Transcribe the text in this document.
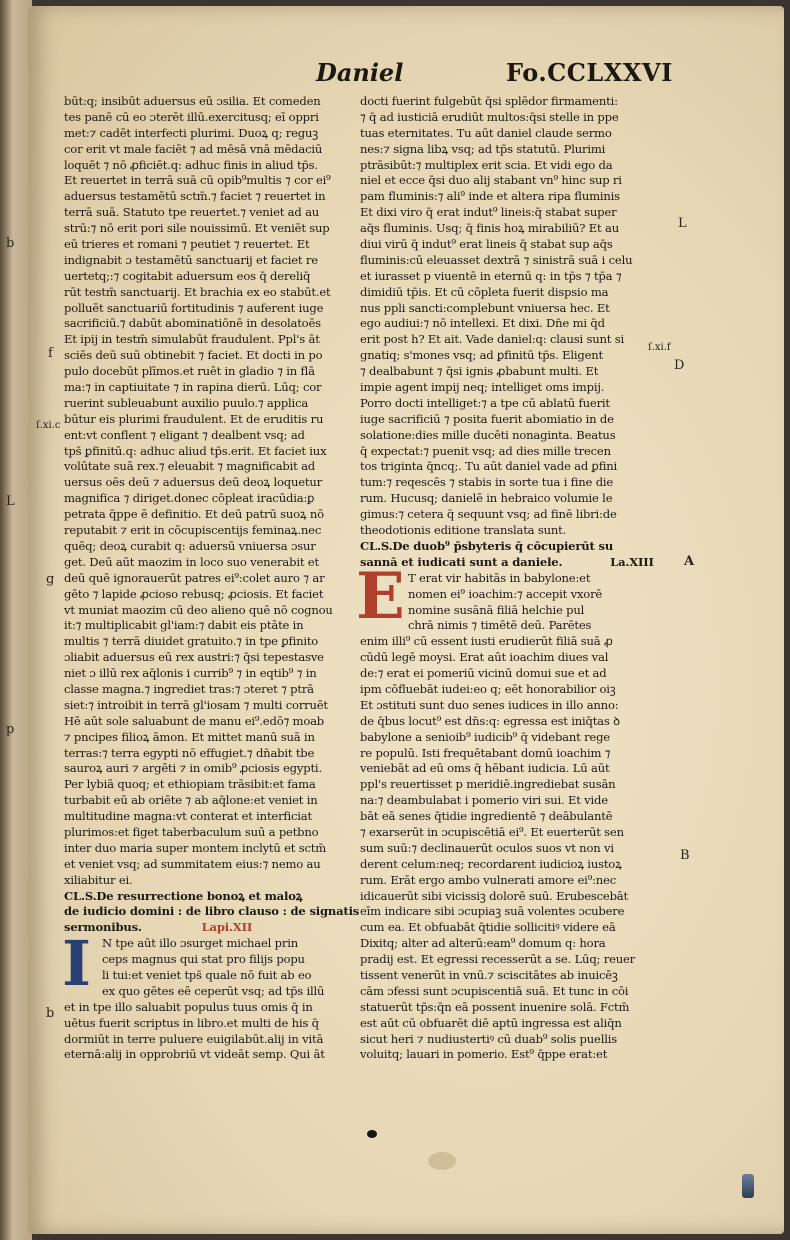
Daniel	Fo.CCLXXVI
būt:q; insibūt aduersus eū ɔsilia. Et comeden
tes panē cū eo ɔterēt illū.exercitusq; eī oppri
met:⁊ cadēt interfecti plurimi. Duoꝝ q; reguꝫ
cor erit vt male faciēt ⁊ ad mēsā vnā mēdaciū
loquēt ⁊ nō ꝓficiēt.q: adhuc finis in aliud tp̄s.
Et reuertet in terrā suā cū opib⁹multis ⁊ cor ei⁹
aduersus testamētū sctm̄.⁊ faciet ⁊ reuertet in
terrā suā. Statuto tpe reuertet.⁊ veniet ad au
strū:⁊ nō erit pori sile nouissimū. Et veniēt sup
eū trieres et romani ⁊ peutiet ⁊ reuertet. Et
indignabit ɔ testamētū sanctuarij et faciet re
uertetq;:⁊ cogitabit aduersum eos q̄ dereliq̄
rūt testm̄ sanctuarij. Et brachia ex eo stabūt.et
polluēt sanctuariū fortitudinis ⁊ auferent iuge
sacrificiū.⁊ dabūt abominatiōnē in desolatoēs
Et ipij in testm̄ simulabūt fraudulent. Ppl's āt
sciēs deū suū obtinebit ⁊ faciet. Et docti in po
pulo docebūt plīmos.et ruēt in gladio ⁊ in flā
ma:⁊ in captiuitate ⁊ in rapina dierū. Lūq; cor
ruerint subleuabunt auxilio puulo.⁊ applica
būtur eis plurimi fraudulent. Et de eruditis ru
ent:vt conflent ⁊ eligant ⁊ dealbent vsq; ad
tps̄ ꝑfinitū.q: adhuc aliud tp̄s.erit. Et faciet iux
volūtate suā rex.⁊ eleuabit ⁊ magnificabit ad
uersus oēs deū ⁊ aduersus deū deoꝝ loquetur
magnifica ⁊ diriget.donec cōpleat iracūdia:ꝑ
petrata q̄ppe ē definitio. Et deū patrū suoꝝ nō
reputabit ⁊ erit in cōcupiscentijs feminaꝝ.nec
quēq; deoꝝ curabit q: aduersū vniuersa ɔsur
get. Deū aūt maozim in loco suo venerabit et
deū quē ignorauerūt patres ei⁹:colet auro ⁊ ar
gēto ⁊ lapide ꝓcioso rebusq; ꝓciosis. Et faciet
vt muniat maozim cū deo alieno quē nō cognou
it:⁊ multiplicabit gl'iam:⁊ dabit eis ptāte in
multis ⁊ terrā diuidet gratuito.⁊ in tpe ꝑfinito
ɔliabit aduersus eū rex austri:⁊ q̄si tepestasve
niet ɔ illū rex aq̄lonis i currib⁹ ⁊ in eqtib⁹ ⁊ in
classe magna.⁊ ingrediet tras:⁊ ɔteret ⁊ ptrā
siet:⁊ introibit in terrā gl'iosam ⁊ multi corruēt
Hē aūt sole saluabunt de manu ei⁹.edō⁊ moab
⁊ pncipes filioꝝ āmon. Et mittet manū suā in
terras:⁊ terra egypti nō effugiet.⁊ dn̄abit tbe
sauroꝝ auri ⁊ argēti ⁊ in omib⁹ ꝓciosis egypti.
Per lybiā quoq; et ethiopiam trāsibit:et fama
turbabit eū ab oriēte ⁊ ab aq̄lone:et veniet in
multitudine magna:vt conterat et interficiat
plurimos:et figet taberbaculum suū a petbno
inter duo maria super montem inclytū et sctm̄
et veniet vsq; ad summitatem eius:⁊ nemo au
xiliabitur ei.
CL.S.De resurrectione bonoꝝ et maloꝝ
de iudicio domini : de libro clauso : de signatis
sermonibus.	Lapi.XII
I N tpe aūt illo ɔsurget michael prin
ceps magnus qui stat pro filijs popu
li tui:et veniet tps̄ quale nō fuit ab eo
ex quo gētes eē ceperūt vsq; ad tp̄s illū
et in tpe illo saluabit populus tuus omis q̄ in
uētus fuerit scriptus in libro.et multi de his q̄
dormiūt in terre puluere euigilabūt.alij in vitā
eternā:alij in opprobriū vt videāt semp. Qui āt
docti fuerint fulgebūt q̄si splēdor firmamenti:
⁊ q̄ ad iusticiā erudiūt multos:q̄si stelle in ppe
tuas eternitates. Tu aūt daniel claude sermo
nes:⁊ signa libꝝ vsq; ad tp̄s statutū. Plurimi
ptrāsibūt:⁊ multiplex erit scia. Et vidi ego da
niel et ecce q̄si duo alij stabant vn⁹ hinc sup ri
pam fluminis:⁊ ali⁹ inde et altera ripa fluminis
Et dixi viro q̄ erat indut⁹ lineis:q̄ stabat super
aq̄s fluminis. Usq; q̄ finis hoꝝ mirabiliū? Et au
diui virū q̄ indut⁹ erat lineis q̄ stabat sup aq̄s
fluminis:cū eleuasset dextrā ⁊ sinistrā suā i celu
et iurasset p viuentē in eternū q: in tp̄s ⁊ tp̄a ⁊
dimidiū tp̄is. Et cū cōpleta fuerit dispsio ma
nus ppli sancti:complebunt vniuersa hec. Et
ego audiui:⁊ nō intellexi. Et dixi. Dn̄e mi q̄d
erit post h? Et ait. Vade daniel:q: clausi sunt si
gnatiq; s'mones vsq; ad ꝑfinitū tp̄s. Eligent
⁊ dealbabunt ⁊ q̄si ignis ꝓbabunt multi. Et
impie agent impij neq; intelliget oms impij.
Porro docti intelliget:⁊ a tpe cū ablatū fuerit
iuge sacrificiū ⁊ posita fuerit abomiatio in de
solatione:dies mille ducēti nonaginta. Beatus
q̄ expectat:⁊ puenit vsq; ad dies mille trecen
tos triginta q̄ncq;. Tu aūt daniel vade ad ꝑfini
tum:⁊ reqescēs ⁊ stabis in sorte tua i fine die
rum. Hucusq; danielē in hebraico volumie le
gimus:⁊ cetera q̄ sequunt vsq; ad finē libri:de
theodotionis editione translata sunt.
CL.S.De duob⁹ p̄sbyteris q̄ cōcupierūt su
sannā et iudicati sunt a daniele.	La.XIII
E T erat vir habitās in babylone:et
nomen ei⁹ ioachim:⁊ accepit vxorē
nomine susānā filiā helchie pul
chrā nimis ⁊ timētē deū. Parētes
enim illi⁹ cū essent iusti erudierūt filiā suā ꝓ
cūdū legē moysi. Erat aūt ioachim diues val
de:⁊ erat ei pomeriū vicinū domui sue et ad
ipm cōfluebāt iudei:eo q; eēt honorabilior oiꝫ
Et ɔstituti sunt duo senes iudices in illo anno:
de q̄bus locut⁹ est dn̄s:q: egressa est iniq̄tas ꝺ
babylone a senioib⁹ iudicib⁹ q̄ videbant rege
re populū. Isti frequētabant domū ioachim ⁊
veniebāt ad eū oms q̄ hēbant iudicia. Lū aūt
ppl's reuertisset p meridiē.ingrediebat susān
na:⁊ deambulabat i pomerio viri sui. Et vide
bāt eā senes q̄tidie ingredientē ⁊ deābulantē
⁊ exarserūt in ɔcupiscētiā ei⁹. Et euerterūt sen
sum suū:⁊ declinauerūt oculos suos vt non vi
derent celum:neq; recordarent iudicioꝝ iustoꝝ
rum. Erāt ergo ambo vulnerati amore ei⁹:nec
idicauerūt sibi vicissiꝫ dolorē suū. Erubescebāt
eīm indicare sibi ɔcupiaꝫ suā volentes ɔcubere
cum ea. Et obfuabāt q̄tidie sollicitiꝰ videre eā
Dixitq; alter ad alterū:eam⁹ domum q: hora
pradij est. Et egressi recesserūt a se. Lūq; reuer
tissent venerūt in vnū.⁊ sciscitātes ab inuicēꝫ
cām ɔfessi sunt ɔcupiscentiā suā. Et tunc in cōi
statuerūt tp̄s:q̄n eā possent inuenire solā. Fctm̄
est aūt cū obfuarēt diē aptū ingressa est aliq̄n
sicut heri ⁊ nudiustertiꝰ cū duab⁹ solis puellis
voluitq; lauari in pomerio. Est⁹ q̄ppe erat:et
b
f
ſ.xi.c
L
g
p
b
L
ſ.xi.f
D
A
B
